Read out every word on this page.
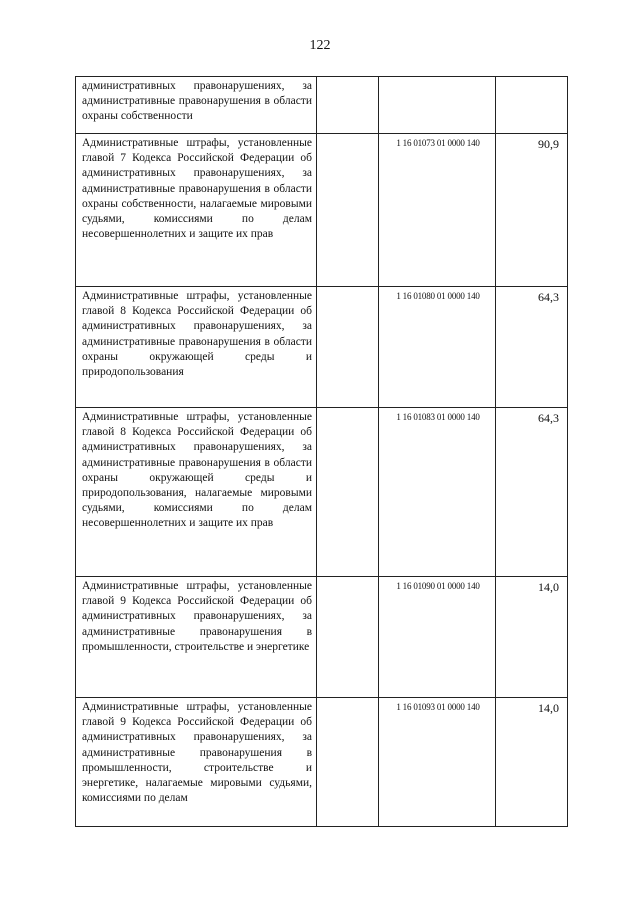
122
административных правонарушениях, за административные правонарушения в области охраны собственности			
Административные штрафы, установленные главой 7 Кодекса Российской Федерации об административных правонарушениях, за административные правонарушения в области охраны собственности, налагаемые мировыми судьями, комиссиями по делам несовершеннолетних и защите их прав		1 16 01073 01 0000 140	90,9
Административные штрафы, установленные главой 8 Кодекса Российской Федерации об административных правонарушениях, за административные правонарушения в области охраны окружающей среды и природопользования		1 16 01080 01 0000 140	64,3
Административные штрафы, установленные главой 8 Кодекса Российской Федерации об административных правонарушениях, за административные правонарушения в области охраны окружающей среды и природопользования, налагаемые мировыми судьями, комиссиями по делам несовершеннолетних и защите их прав		1 16 01083 01 0000 140	64,3
Административные штрафы, установленные главой 9 Кодекса Российской Федерации об административных правонарушениях, за административные правонарушения в промышленности, строительстве и энергетике		1 16 01090 01 0000 140	14,0
Административные штрафы, установленные главой 9 Кодекса Российской Федерации об административных правонарушениях, за административные правонарушения в промышленности, строительстве и энергетике, налагаемые мировыми судьями, комиссиями по делам		1 16 01093 01 0000 140	14,0
